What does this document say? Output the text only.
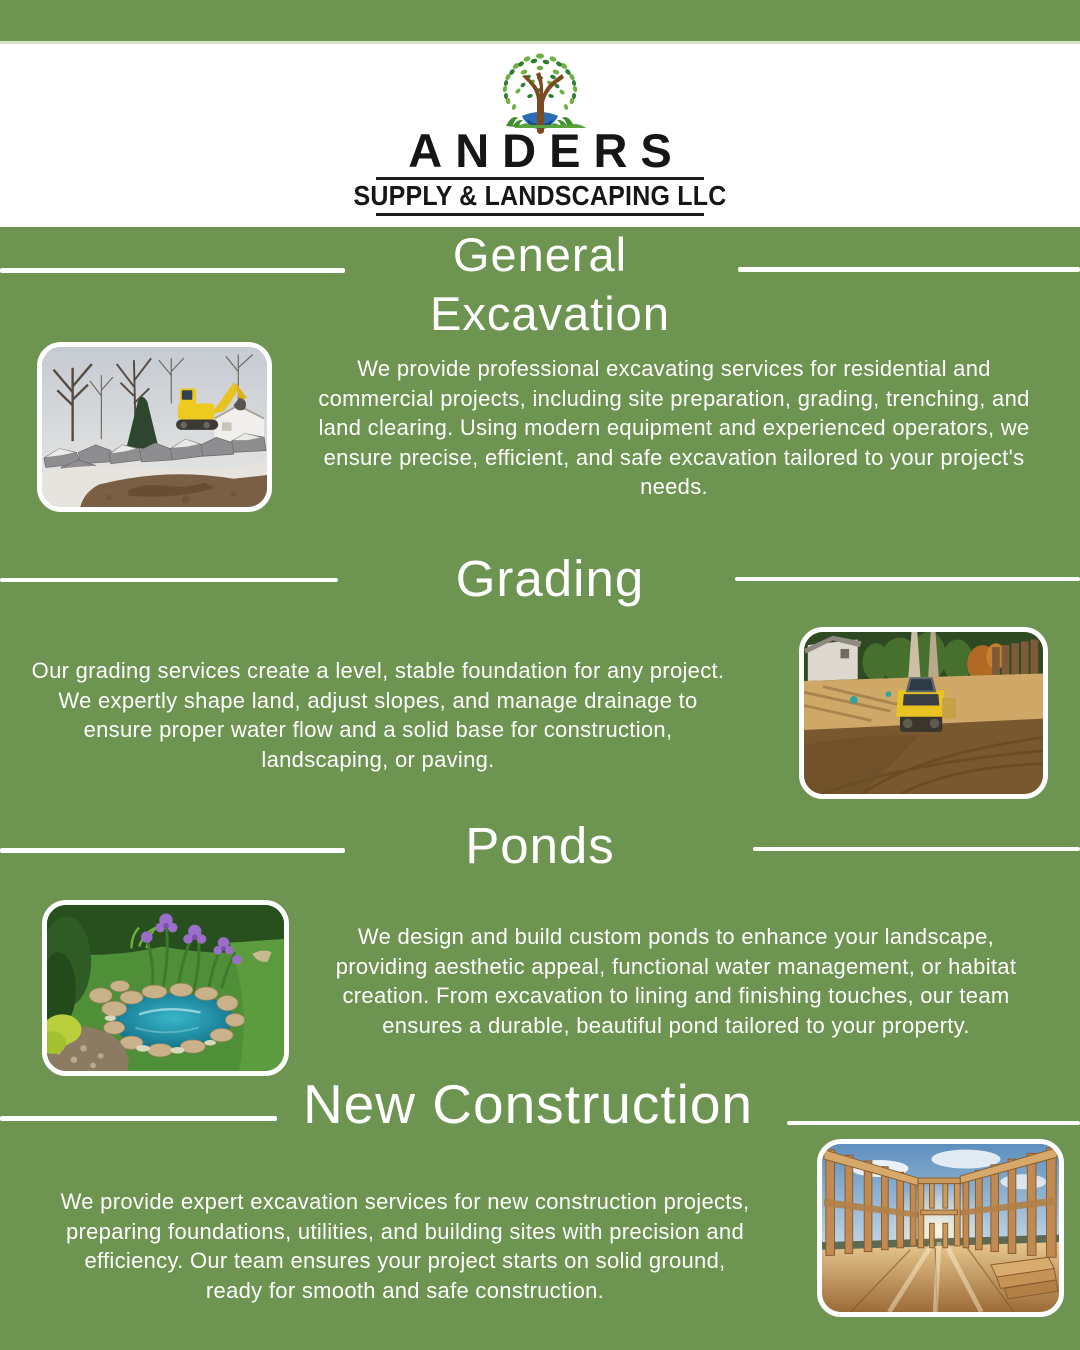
ANDERS
SUPPLY & LANDSCAPING LLC
General
Excavation
We provide professional excavating services for residential and commercial projects, including site preparation, grading, trenching, and land clearing. Using modern equipment and experienced operators, we ensure precise, efficient, and safe excavation tailored to your project's needs.
Grading
Our grading services create a level, stable foundation for any project. We expertly shape land, adjust slopes, and manage drainage to ensure proper water flow and a solid base for construction, landscaping, or paving.
Ponds
We design and build custom ponds to enhance your landscape, providing aesthetic appeal, functional water management, or habitat creation. From excavation to lining and finishing touches, our team ensures a durable, beautiful pond tailored to your property.
New Construction
We provide expert excavation services for new construction projects, preparing foundations, utilities, and building sites with precision and efficiency. Our team ensures your project starts on solid ground, ready for smooth and safe construction.
